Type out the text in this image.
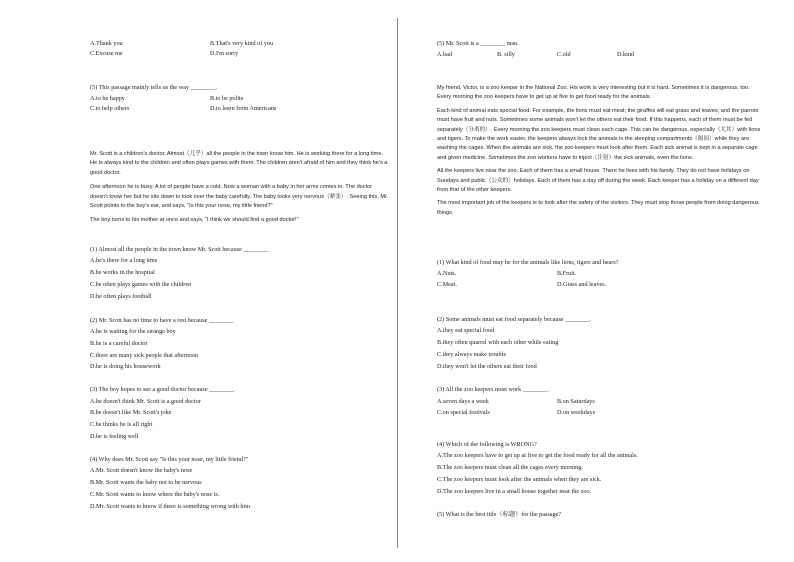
A.Thank you	B.That's very kind of you
C.Excuse me	D.I'm sorry
(5) This passage mainly tells us the way ________.
A.to be happy	B.to be polite
C.to help others	D.to learn from Americans

Mr. Scott is a children's doctor. Almost（几乎）all the people in the town know him. He is working there for a long time. He is always kind to the children and often plays games with them. The children aren't afraid of him and they think he's a good doctor.

One afternoon he is busy. A lot of people have a cold. Now a woman with a baby in her arms comes in. The doctor doesn't know her but he sits down to look over the baby carefully. The baby looks very nervous（紧张）. Seeing this, Mr. Scott points to the boy's ear, and says, "Is this your nose, my little friend?"

The boy turns to his mother at once and says, "I think we should find a good doctor!"

(1) Almost all the people in the town know Mr. Scott because ________
A.he's there for a long time
B.he works in the hospital
C.he often plays games with the children
D.he often plays football
(2) Mr. Scott has no time to have a rest because ________
A.he is waiting for the strange boy
B.he is a careful doctor
C.there are many sick people that afternoon
D.he is doing his housework
(3) The boy hopes to see a good doctor because ________.
A.he doesn't think Mr. Scott is a good doctor
B.he doesn't like Mr. Scott's joke
C.he thinks he is all right
D.he is feeling well
(4) Why does Mr. Scott say "Is this your nose, my little friend?"
A.Mr. Scott doesn't know the baby's nose
B.Mr. Scott wants the baby not to be nervous
C.Mr. Scott wants to know where the baby's nose is.
D.Mr. Scott wants to know if there is something wrong with him
(5) Mr. Scott is a ________ man.
A.bad	B. silly	C.old	D.kind

My friend, Victor, is a zoo keeper in the National Zoo. His work is very interesting but it is hard. Sometimes it is dangerous, too. Every morning the zoo keepers have to get up at five to get food ready for the animals.

Each kind of animal eats special food. For example, the lions must eat meat; the giraffes will eat grass and leaves; and the parrots must have fruit and nuts. Sometimes some animals won't let the others eat their food. If this happens, each of them must be fed separately（分离的）. Every morning the zoo keepers must clean each cage. This can be dangerous, especially（尤其）with lions and tigers. To make the work easier, the keepers always lock the animals in the sleeping compartments（隔间）while they are washing the cages. When the animals are sick, the zoo keepers must look after them. Each sick animal is kept in a separate cage and given medicine. Sometimes the zoo workers have to inject（注射）the sick animals, even the lions.

All the keepers live near the zoo. Each of them has a small house. There he lives with his family. They do not have holidays on Sundays and public（公众的）holidays. Each of them has a day off during the week. Each keeper has a holiday on a different day from that of the other keepers.

The most important job of the keepers is to look after the safety of the visitors. They must stop those people from doing dangerous things.

(1) What kind of food may be for the animals like lions, tigers and bears?
A.Nuts.	B.Fruit.
C.Meat.	D.Grass and leaves.
(2) Some animals must eat food separately because ________.
A.they eat special food
B.they often quarrel with each other while eating
C.they always make trouble
D.they won't let the others eat their food
(3) All the zoo keepers must work ________.
A.seven days a week	B.on Saturdays
C.on special festivals	D.on weekdays
(4) Which of the following is WRONG?
A.The zoo keepers have to get up at five to get the food ready for all the animals.
B.The zoo keepers must clean all the cages every morning.
C.The zoo keepers must look after the animals when they are sick.
D.The zoo keepers live in a small house together near the zoo.
(5) What is the best title（标题）for the passage?
